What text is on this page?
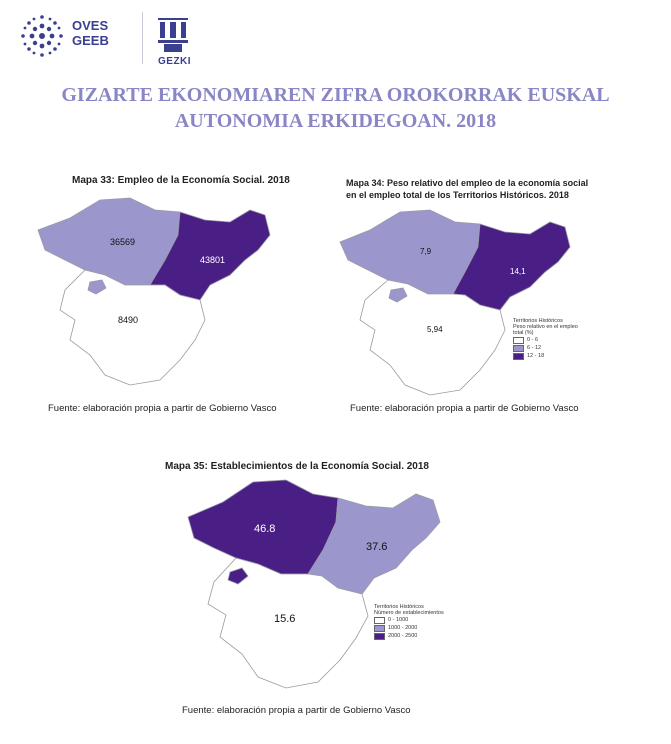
OVES
GEEB
GEZKI
GIZARTE EKONOMIAREN ZIFRA OROKORRAK EUSKAL
AUTONOMIA ERKIDEGOAN. 2018
Mapa 33: Empleo de la Economía Social. 2018
36569
43801
8490
Fuente: elaboración propia a partir de Gobierno Vasco
Mapa 34: Peso relativo del empleo de la economía social
en el empleo total de los Territorios Históricos. 2018
7,9
14,1
5,94
Territorios Históricos
Peso relativo en el empleo total (%)
0 - 6
6 - 12
12 - 18
Fuente: elaboración propia a partir de Gobierno Vasco
Mapa 35: Establecimientos de la Economía Social. 2018
46.8
37.6
15.6
Territorios Históricos
Número de establecimientos
0 - 1000
1000 - 2000
2000 - 2500
Fuente: elaboración propia a partir de Gobierno Vasco
